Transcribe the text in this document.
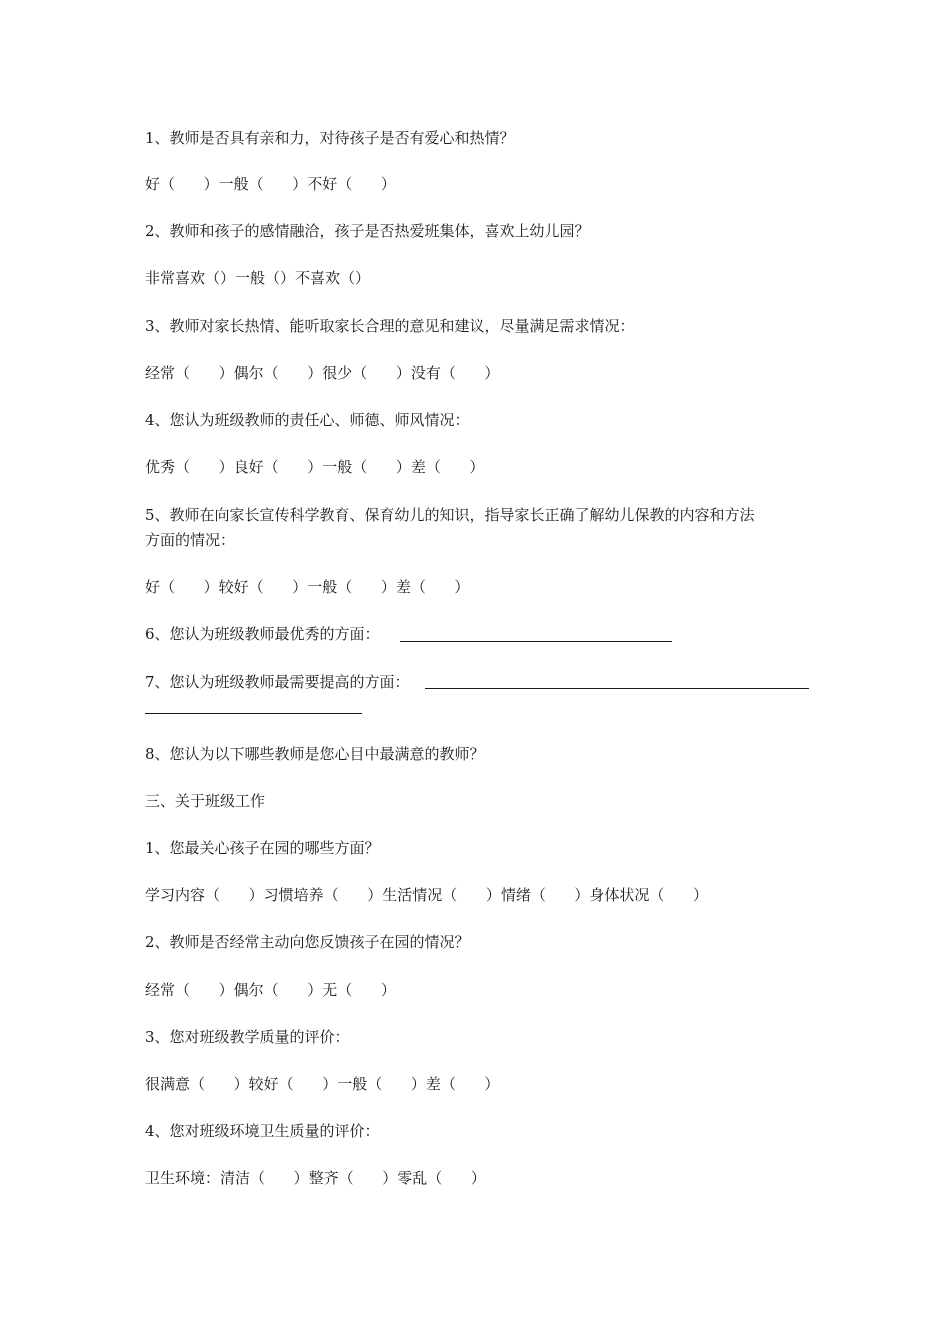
1、教师是否具有亲和力，对待孩子是否有爱心和热情？
好（      ）一般（      ）不好（      ）
2、教师和孩子的感情融洽，孩子是否热爱班集体，喜欢上幼儿园？
非常喜欢（）一般（）不喜欢（）
3、教师对家长热情、能听取家长合理的意见和建议，尽量满足需求情况：
经常（      ）偶尔（      ）很少（      ）没有（      ）
4、您认为班级教师的责任心、师德、师风情况：
优秀（      ）良好（      ）一般（      ）差（      ）
5、教师在向家长宣传科学教育、保育幼儿的知识，指导家长正确了解幼儿保教的内容和方法
方面的情况：
好（      ）较好（      ）一般（      ）差（      ）
6、您认为班级教师最优秀的方面：
7、您认为班级教师最需要提高的方面：
8、您认为以下哪些教师是您心目中最满意的教师？
三、关于班级工作
1、您最关心孩子在园的哪些方面？
学习内容（      ）习惯培养（      ）生活情况（      ）情绪（      ）身体状况（      ）
2、教师是否经常主动向您反馈孩子在园的情况？
经常（      ）偶尔（      ）无（      ）
3、您对班级教学质量的评价：
很满意（      ）较好（      ）一般（      ）差（      ）
4、您对班级环境卫生质量的评价：
卫生环境：清洁（      ）整齐（      ）零乱（      ）
